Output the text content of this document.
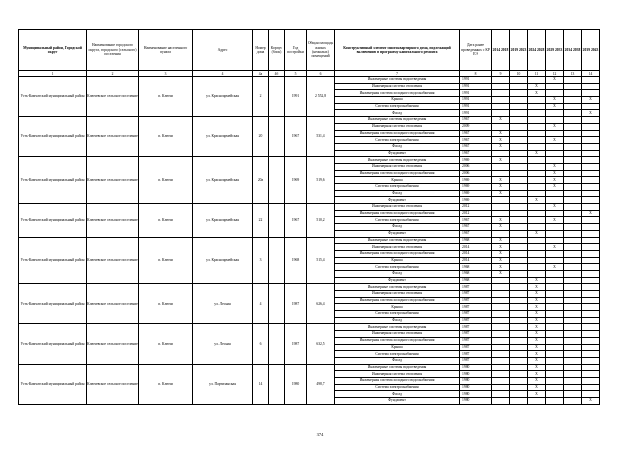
Муниципальный район, Городской округ	Наименование городского округа, городского (сельского) поселения	Наименование населенного пункта	Адрес	Номер дома	Корпус (блок)	Год постройки	Общая площадь жилых (нежилых) помещений	Конструктивный элемент многоквартирного дома, подлежащий включению в программу капитального ремонта	Дата ранее проведенных с КР ЕЭ	2014 2018	2019 2023	2024 2028	2029 2033	2034 2038	2039 2043
1	2	3	4	4а	4б	5	6	7	8	9	10	11	12	13	14
Усть-Камчатский муниципальный район	Ключевское сельское поселение	п. Ключи	ул. Красноармейская	2		1991	2 552,8	Инженерные системы водоотведения	1991				X		
								Инженерная система отопления	1991			X			
								Инженерная система холодного водоснабжения	1991			X			
								Крыша	1991				X		X
								Система электроснабжения	1991				X		
								Фасад	1991						X
Усть-Камчатский муниципальный район	Ключевское сельское поселение	п. Ключи	ул. Красноармейская	20		1967	531,4	Инженерные системы водоотведения	1967	X					
								Инженерная система отопления	2009				X		
								Инженерная система холодного водоснабжения	1967	X					
								Система электроснабжения	1967	X			X		
								Фасад	1967	X					
								Фундамент	1967			X			
Усть-Камчатский муниципальный район	Ключевское сельское поселение	п. Ключи	ул. Красноармейская	20а		1969	519,6	Инженерные системы водоотведения	1969	X					
								Инженерная система отопления	2006				X		
								Инженерная система холодного водоснабжения	2006				X		
								Крыша	1969	X			X		
								Система электроснабжения	1969	X			X		
								Фасад	1969	X					
								Фундамент	1969			X			
Усть-Камчатский муниципальный район	Ключевское сельское поселение	п. Ключи	ул. Красноармейская	22		1967	510,2	Инженерная система отопления	2012				X		
								Инженерная система холодного водоснабжения	2012						X
								Система электроснабжения	1967	X			X		
								Фасад	1967	X					
								Фундамент	1967			X			
Усть-Камчатский муниципальный район	Ключевское сельское поселение	п. Ключи	ул. Красноармейская	3		1968	515,4	Инженерные системы водоотведения	1968	X					
								Инженерная система отопления	2014	X			X		
								Инженерная система холодного водоснабжения	2014	X					
								Крыша	2014	X					
								Система электроснабжения	1968	X			X		
								Фасад	1968	X					
								Фундамент	1968			X			
Усть-Камчатский муниципальный район	Ключевское сельское поселение	п. Ключи	ул. Лесная	4		1987	626,4	Инженерные системы водоотведения	1987			X			
								Инженерная система отопления	1987			X			
								Инженерная система холодного водоснабжения	1987			X			
								Крыша	1987			X			
								Система электроснабжения	1987			X			
								Фасад	1987			X			
Усть-Камчатский муниципальный район	Ключевское сельское поселение	п. Ключи	ул. Лесная	6		1987	632,5	Инженерные системы водоотведения	1987			X			
								Инженерная система отопления	1987			X			
								Инженерная система холодного водоснабжения	1987			X			
								Крыша	1987			X			
								Система электроснабжения	1987			X			
								Фасад	1987			X			
Усть-Камчатский муниципальный район	Ключевское сельское поселение	п. Ключи	ул. Партизанская	14		1980	498,7	Инженерные системы водоотведения	1980			X			
								Инженерная система отопления	1980			X			
								Инженерная система холодного водоснабжения	1980			X			
								Система электроснабжения	1980			X			
								Фасад	1980			X			
								Фундамент	1980						X
374
